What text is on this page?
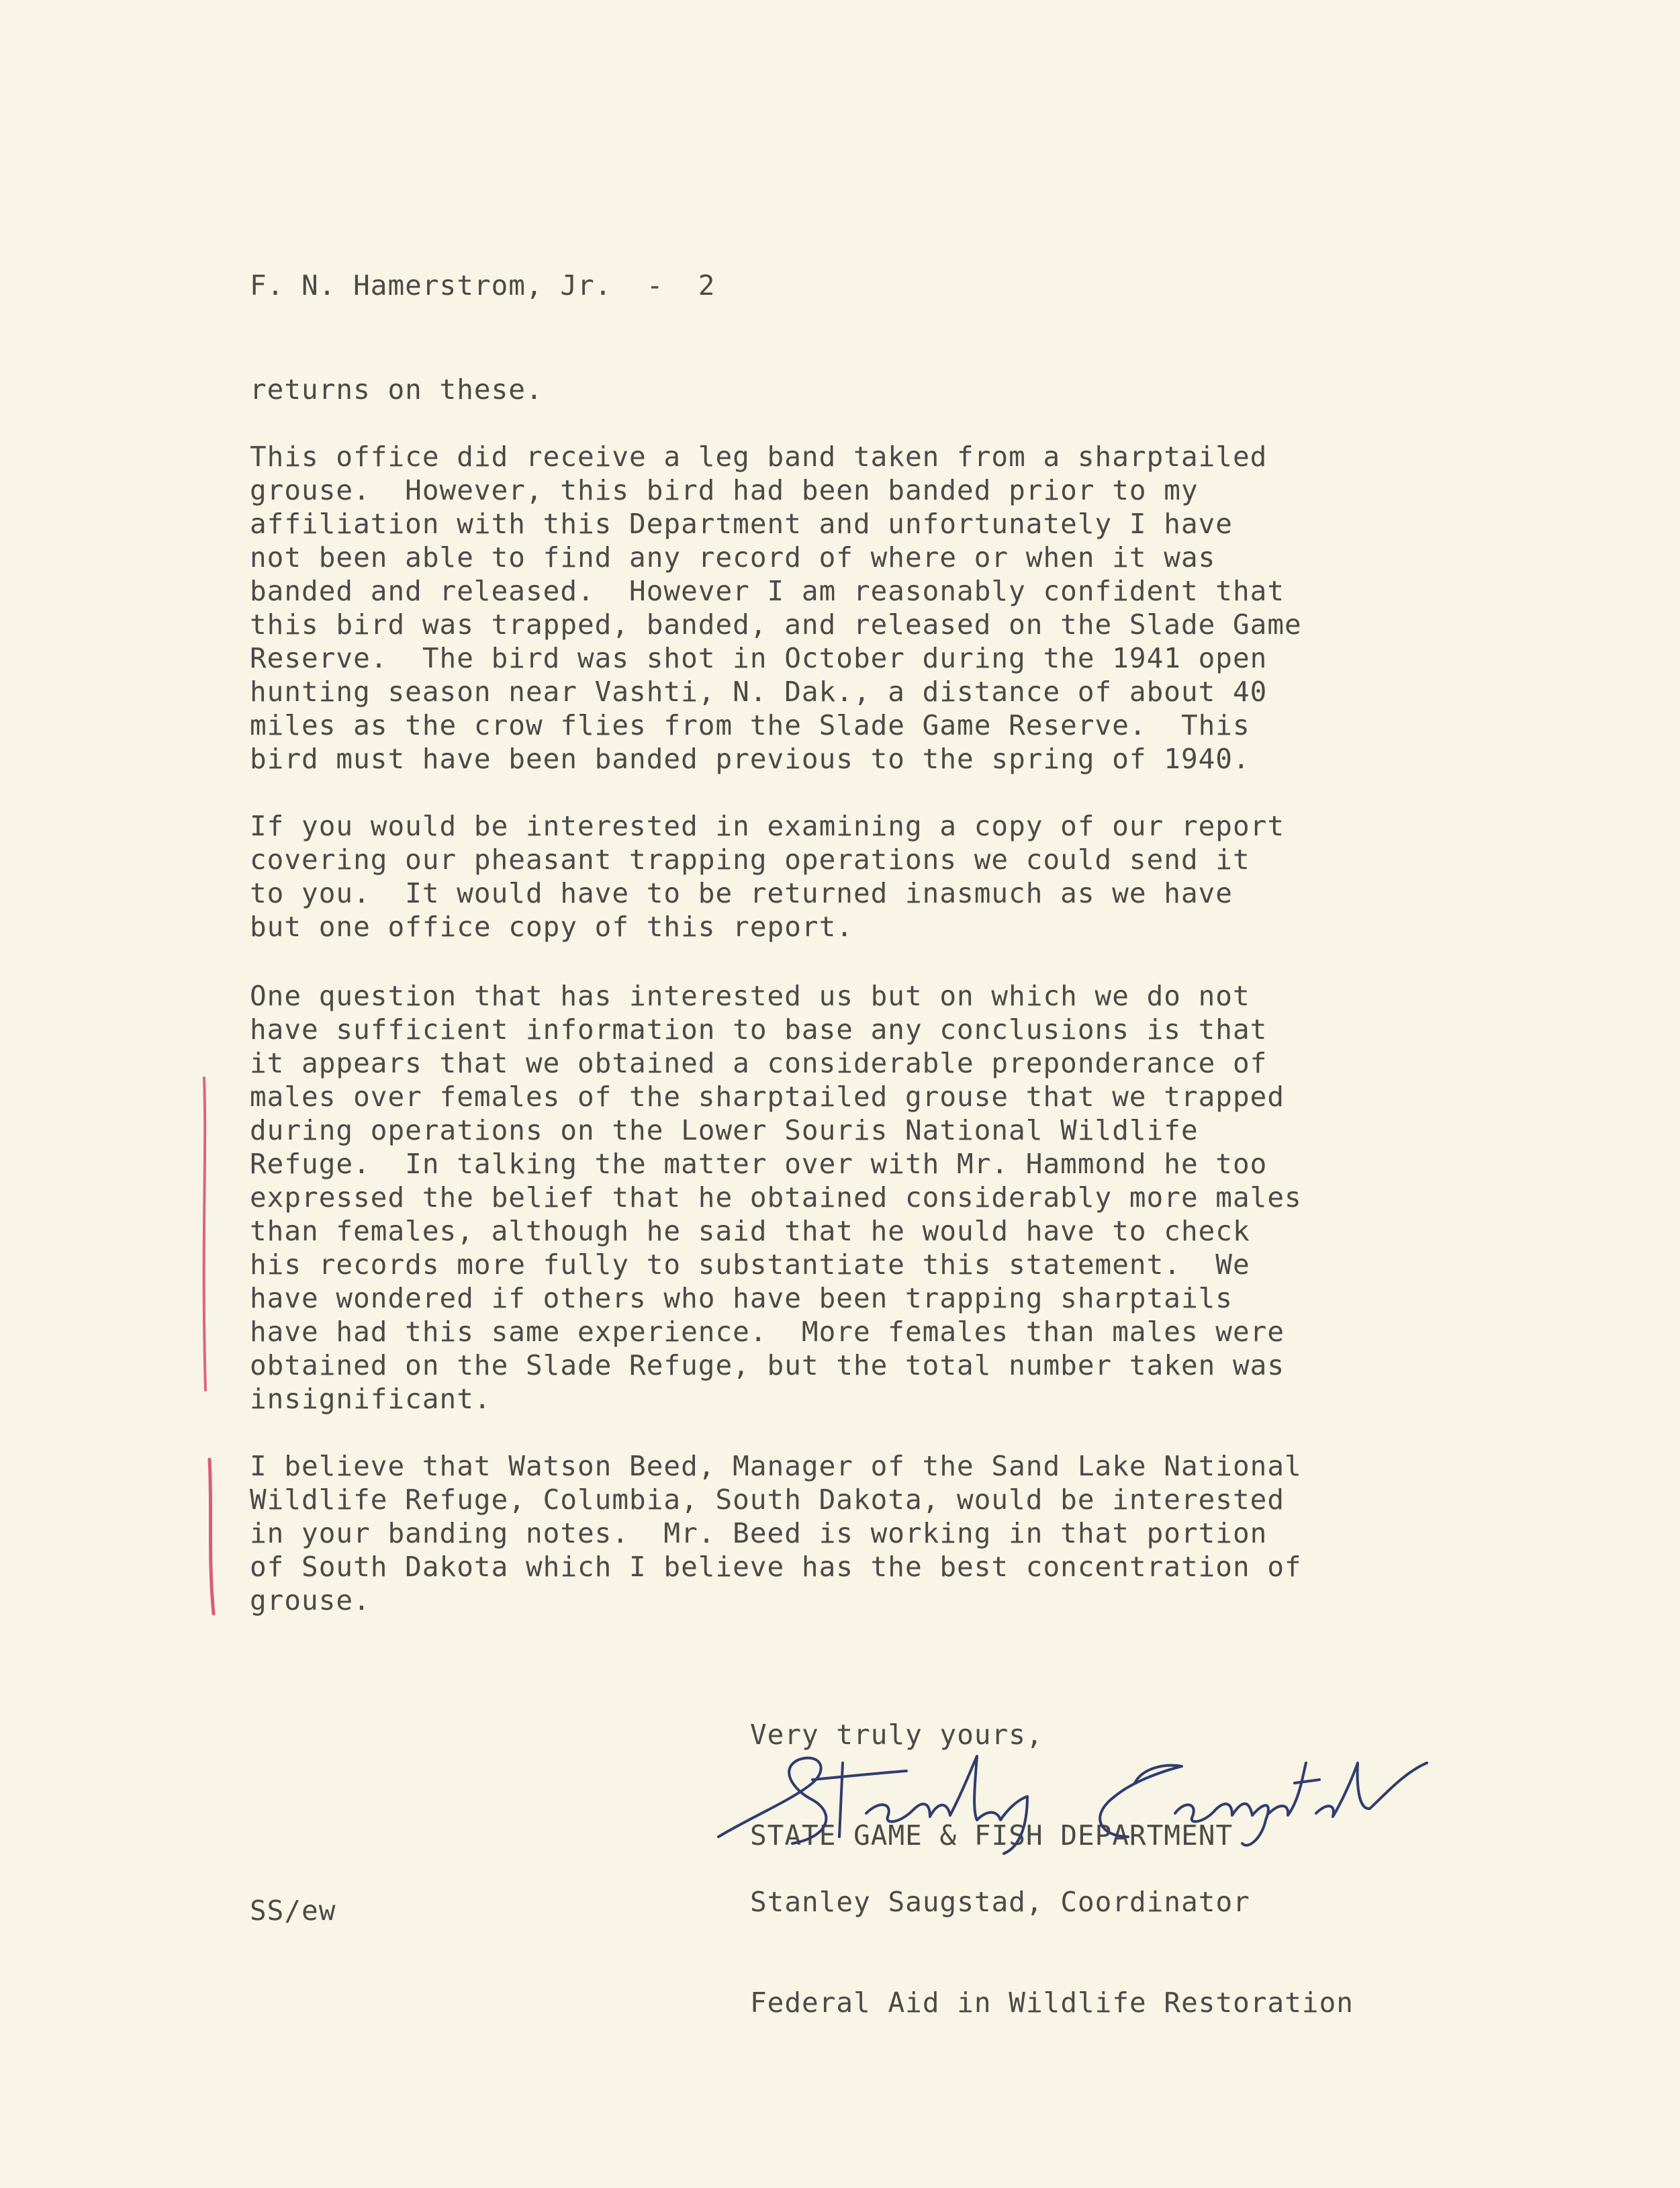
F. N. Hamerstrom, Jr.  -  2
returns on these.
This office did receive a leg band taken from a sharptailed
grouse.  However, this bird had been banded prior to my
affiliation with this Department and unfortunately I have
not been able to find any record of where or when it was
banded and released.  However I am reasonably confident that
this bird was trapped, banded, and released on the Slade Game
Reserve.  The bird was shot in October during the 1941 open
hunting season near Vashti, N. Dak., a distance of about 40
miles as the crow flies from the Slade Game Reserve.  This
bird must have been banded previous to the spring of 1940.
If you would be interested in examining a copy of our report
covering our pheasant trapping operations we could send it
to you.  It would have to be returned inasmuch as we have
but one office copy of this report.
One question that has interested us but on which we do not
have sufficient information to base any conclusions is that
it appears that we obtained a considerable preponderance of
males over females of the sharptailed grouse that we trapped
during operations on the Lower Souris National Wildlife
Refuge.  In talking the matter over with Mr. Hammond he too
expressed the belief that he obtained considerably more males
than females, although he said that he would have to check
his records more fully to substantiate this statement.  We
have wondered if others who have been trapping sharptails
have had this same experience.  More females than males were
obtained on the Slade Refuge, but the total number taken was
insignificant.
I believe that Watson Beed, Manager of the Sand Lake National
Wildlife Refuge, Columbia, South Dakota, would be interested
in your banding notes.  Mr. Beed is working in that portion
of South Dakota which I believe has the best concentration of
grouse.

Very truly yours,

STATE GAME & FISH DEPARTMENT

Stanley Saugstad, Coordinator

Federal Aid in Wildlife Restoration

SS/ew
